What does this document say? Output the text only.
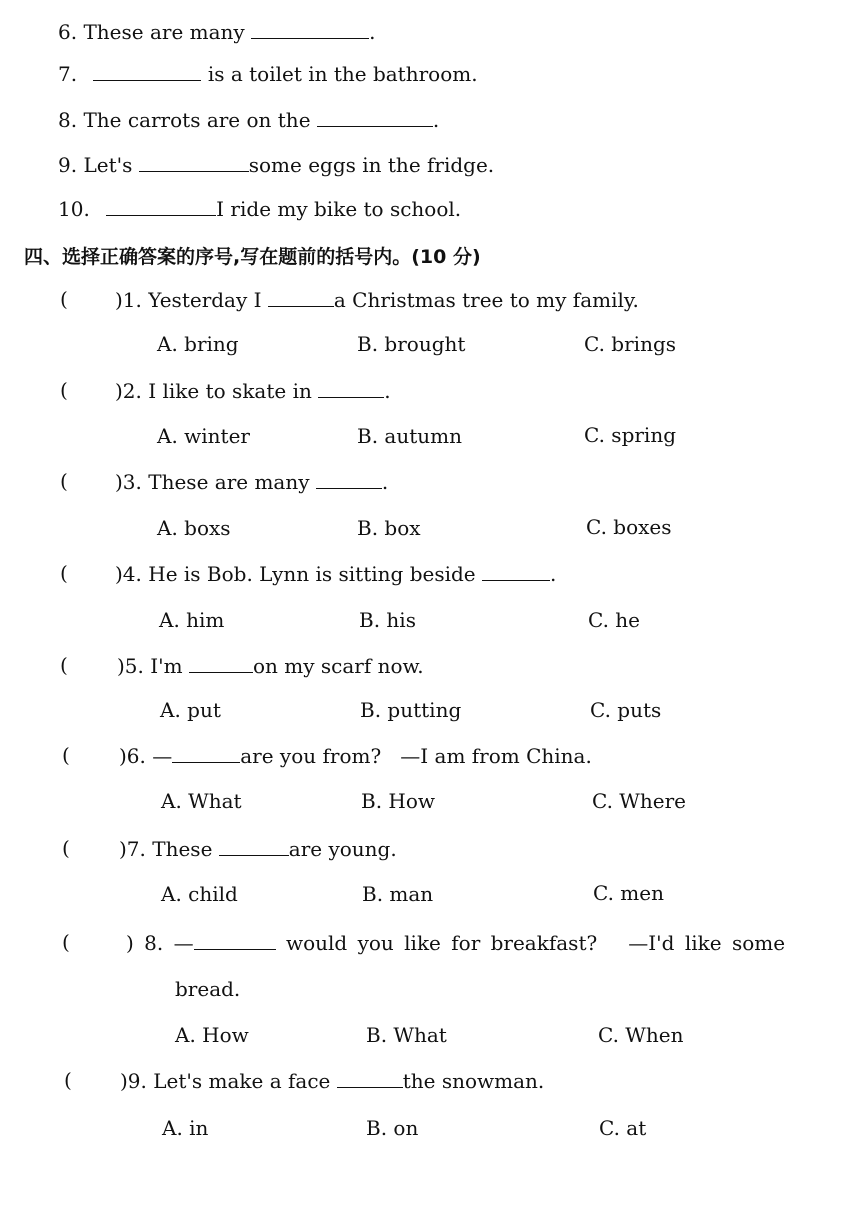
6. These are many	.
7.	is a toilet in the bathroom.
8. The carrots are on the	.
9. Let's	some eggs in the fridge.
10.	I ride my bike to school.
四、选择正确答案的序号,写在题前的括号内。(10 分)
( )1. Yesterday I	a Christmas tree to my family.
A. bring	B. brought	C. brings
( )2. I like to skate in	.
A. winter	B. autumn	C. spring
( )3. These are many	.
A. boxs	B. box	C. boxes
( )4. He is Bob. Lynn is sitting beside	.
A. him	B. his	C. he
( )5. I'm	on my scarf now.
A. put	B. putting	C. puts
( )6. —	are you from?   —I am from China.
A. What	B. How	C. Where
( )7. These	are young.
A. child	B. man	C. men
(	) 8. —	would you like for breakfast?   —I'd like some
bread.
A. How	B. What	C. When
( )9. Let's make a face	the snowman.
A. in	B. on	C. at
